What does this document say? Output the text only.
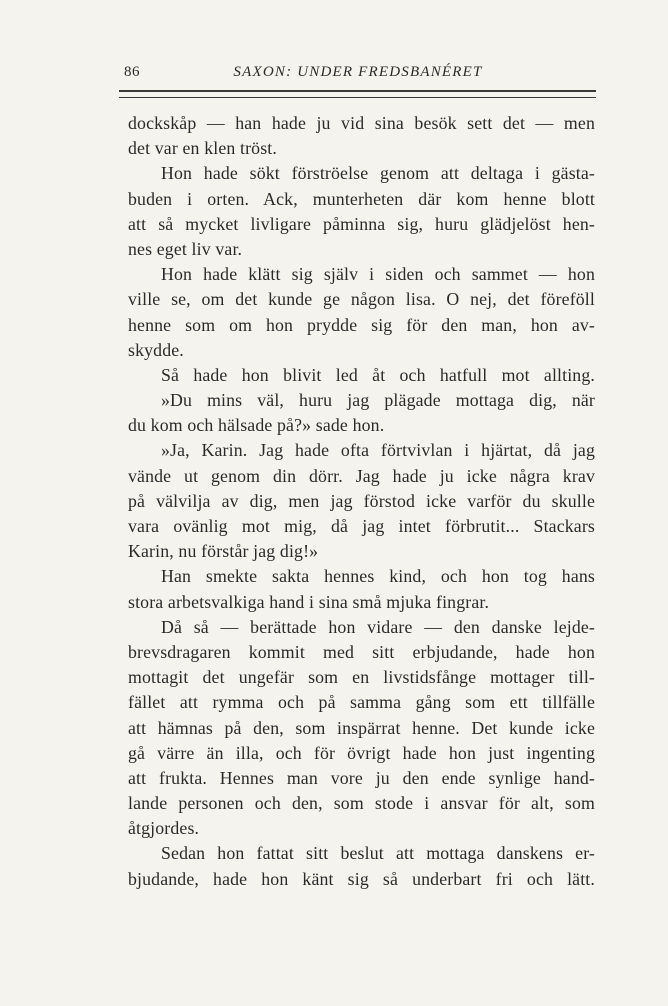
86	SAXON: UNDER FREDSBANÉRET
dockskåp — han hade ju vid sina besök sett det — men
det var en klen tröst.
Hon hade sökt förströelse genom att deltaga i gästa-
buden i orten. Ack, munterheten där kom henne blott
att så mycket livligare påminna sig, huru glädjelöst hen-
nes eget liv var.
Hon hade klätt sig själv i siden och sammet — hon
ville se, om det kunde ge någon lisa. O nej, det föreföll
henne som om hon prydde sig för den man, hon av-
skydde.
Så hade hon blivit led åt och hatfull mot allting.
»Du mins väl, huru jag plägade mottaga dig, när
du kom och hälsade på?» sade hon.
»Ja, Karin. Jag hade ofta förtvivlan i hjärtat, då jag
vände ut genom din dörr. Jag hade ju icke några krav
på välvilja av dig, men jag förstod icke varför du skulle
vara ovänlig mot mig, då jag intet förbrutit... Stackars
Karin, nu förstår jag dig!»
Han smekte sakta hennes kind, och hon tog hans
stora arbetsvalkiga hand i sina små mjuka fingrar.
Då så — berättade hon vidare — den danske lejde-
brevsdragaren kommit med sitt erbjudande, hade hon
mottagit det ungefär som en livstidsfånge mottager till-
fället att rymma och på samma gång som ett tillfälle
att hämnas på den, som inspärrat henne. Det kunde icke
gå värre än illa, och för övrigt hade hon just ingenting
att frukta. Hennes man vore ju den ende synlige hand-
lande personen och den, som stode i ansvar för alt, som
åtgjordes.
Sedan hon fattat sitt beslut att mottaga danskens er-
bjudande, hade hon känt sig så underbart fri och lätt.
